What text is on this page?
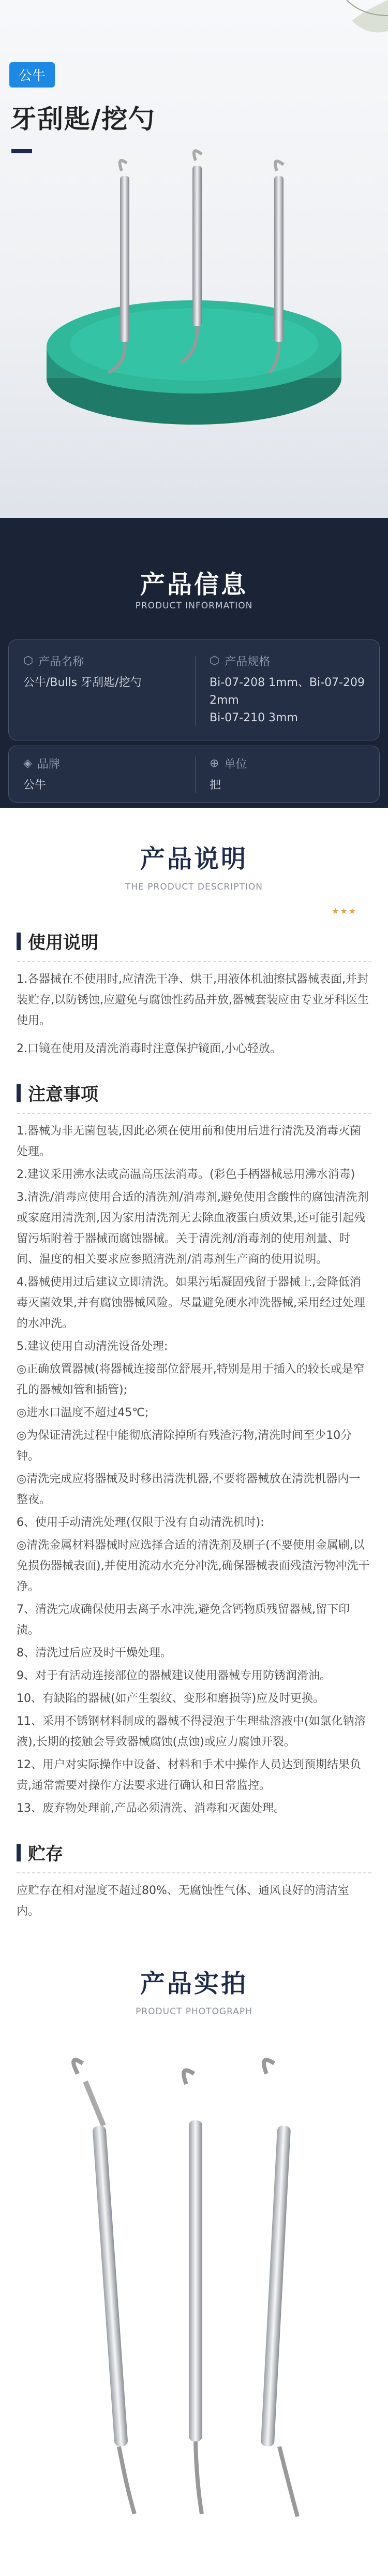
公牛
牙刮匙/挖勺
产品信息
PRODUCT INFORMATION
⬡ 产品名称
公牛/Bulls 牙刮匙/挖勺
⬡ 产品规格
Bi-07-208 1mm、Bi-07-209 2mm
Bi-07-210 3mm
◈ 品牌
公牛
⊕ 单位
把
产品说明
THE PRODUCT DESCRIPTION
★★★
使用说明
1.各器械在不使用时,应清洗干净、烘干,用液体机油擦拭器械表面,并封装贮存,以防锈蚀,应避免与腐蚀性药品并放,器械套装应由专业牙科医生使用。
2.口镜在使用及清洗消毒时注意保护镜面,小心轻放。
注意事项
1.器械为非无菌包装,因此必须在使用前和使用后进行清洗及消毒灭菌处理。
2.建议采用沸水法或高温高压法消毒。(彩色手柄器械忌用沸水消毒)
3.清洗/消毒应使用合适的清洗剂/消毒剂,避免使用含酸性的腐蚀清洗剂或家庭用清洗剂,因为家用清洗剂无去除血液蛋白质效果,还可能引起残留污垢附着于器械而腐蚀器械。关于清洗剂/消毒剂的使用剂量、时间、温度的相关要求应参照清洗剂/消毒剂生产商的使用说明。
4.器械使用过后建议立即清洗。如果污垢凝固残留于器械上,会降低消毒灭菌效果,并有腐蚀器械风险。尽量避免硬水冲洗器械,采用经过处理的水冲洗。
5.建议使用自动清洗设备处理:
◎正确放置器械(将器械连接部位舒展开,特别是用于插入的较长或是窄孔的器械如管和插管);
◎进水口温度不超过45℃;
◎为保证清洗过程中能彻底清除掉所有残渣污物,清洗时间至少10分钟。
◎清洗完成应将器械及时移出清洗机器,不要将器械放在清洗机器内一整夜。
6、使用手动清洗处理(仅限于没有自动清洗机时):
◎清洗金属材料器械时应选择合适的清洗剂及刷子(不要使用金属刷,以免损伤器械表面),并使用流动水充分冲洗,确保器械表面残渣污物冲洗干净。
7、清洗完成确保使用去离子水冲洗,避免含钙物质残留器械,留下印渍。
8、清洗过后应及时干燥处理。
9、对于有活动连接部位的器械建议使用器械专用防锈润滑油。
10、有缺陷的器械(如产生裂纹、变形和磨损等)应及时更换。
11、采用不锈钢材料制成的器械不得浸泡于生理盐溶液中(如氯化钠溶液),长期的接触会导致器械腐蚀(点蚀)或应力腐蚀开裂。
12、用户对实际操作中设备、材料和手术中操作人员达到预期结果负责,通常需要对操作方法要求进行确认和日常监控。
13、废弃物处理前,产品必须清洗、消毒和灭菌处理。
贮存
应贮存在相对湿度不超过80%、无腐蚀性气体、通风良好的清洁室内。
产品实拍
PRODUCT PHOTOGRAPH
